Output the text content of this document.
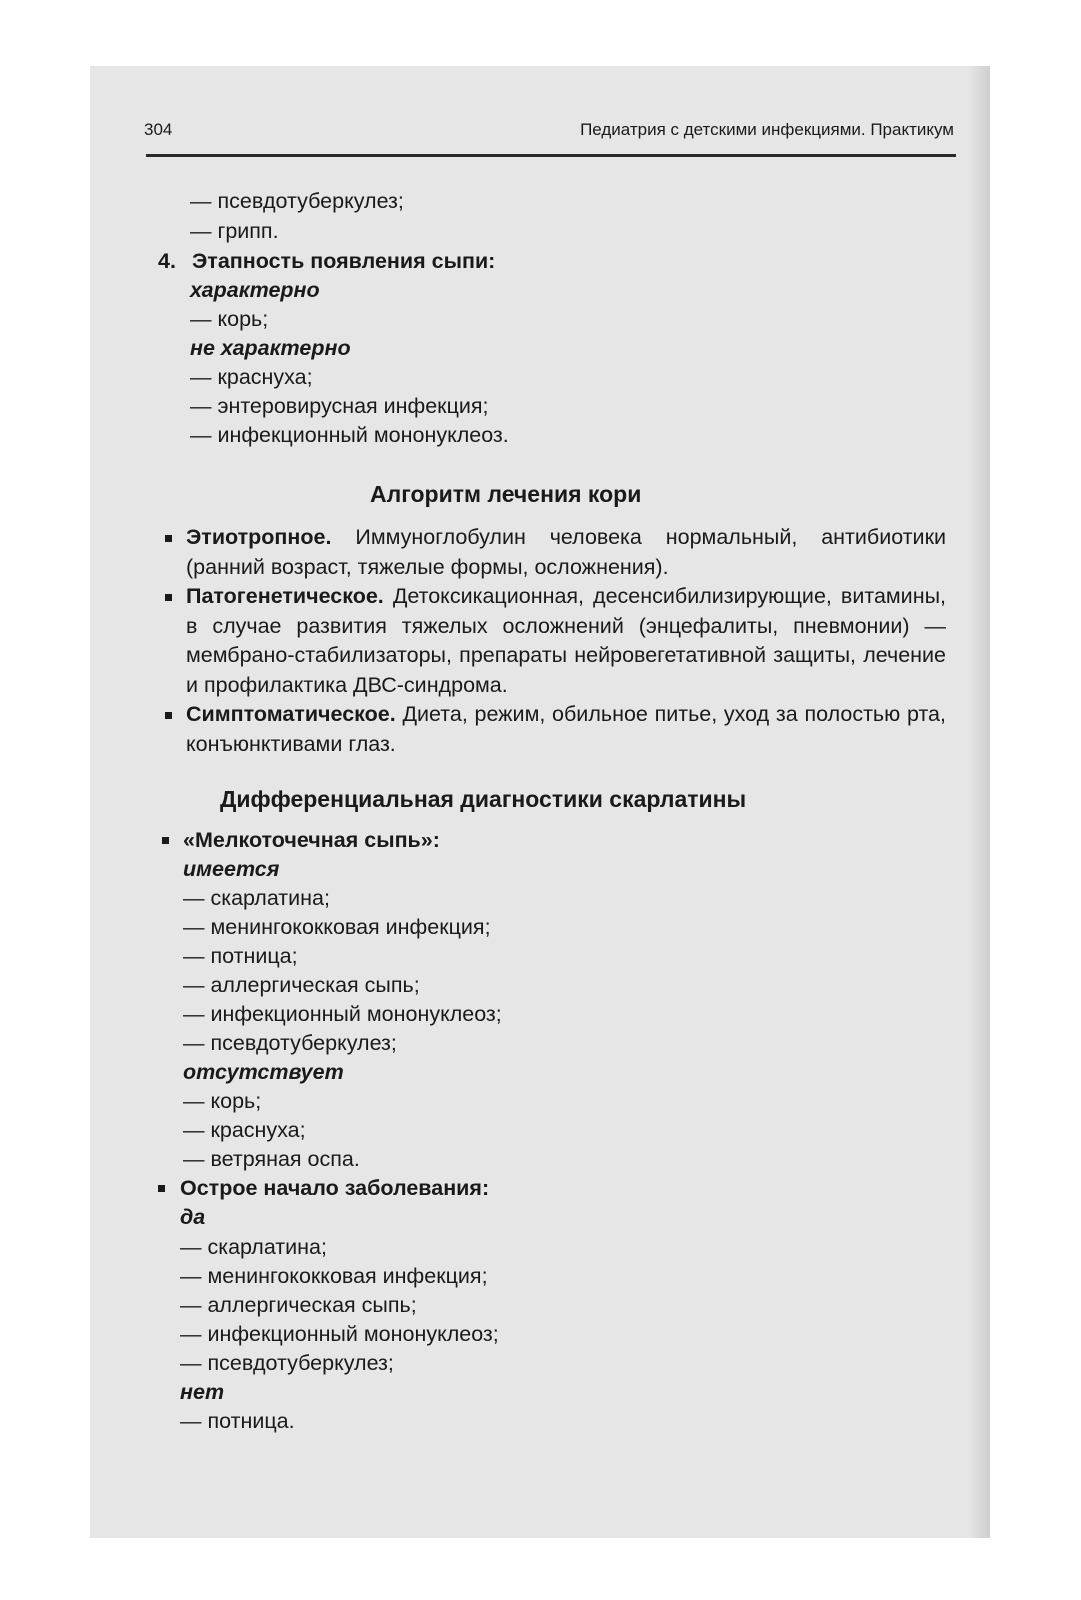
304	Педиатрия с детскими инфекциями. Практикум
— псевдотуберкулез;
— грипп.
4. Этапность появления сыпи:
характерно
— корь;
не характерно
— краснуха;
— энтеровирусная инфекция;
— инфекционный мононуклеоз.
Алгоритм лечения кори
Этиотропное. Иммуноглобулин человека нормальный, антибиотики (ранний возраст, тяжелые формы, осложнения).
Патогенетическое. Детоксикационная, десенсибилизирующие, витамины, в случае развития тяжелых осложнений (энцефалиты, пневмонии) — мембрано-стабилизаторы, препараты нейровегетативной защиты, лечение и профилактика ДВС-синдрома.
Симптоматическое. Диета, режим, обильное питье, уход за полостью рта, конъюнктивами глаз.
Дифференциальная диагностики скарлатины
«Мелкоточечная сыпь»:
имеется
— скарлатина;
— менингококковая инфекция;
— потница;
— аллергическая сыпь;
— инфекционный мононуклеоз;
— псевдотуберкулез;
отсутствует
— корь;
— краснуха;
— ветряная оспа.
Острое начало заболевания:
да
— скарлатина;
— менингококковая инфекция;
— аллергическая сыпь;
— инфекционный мононуклеоз;
— псевдотуберкулез;
нет
— потница.
